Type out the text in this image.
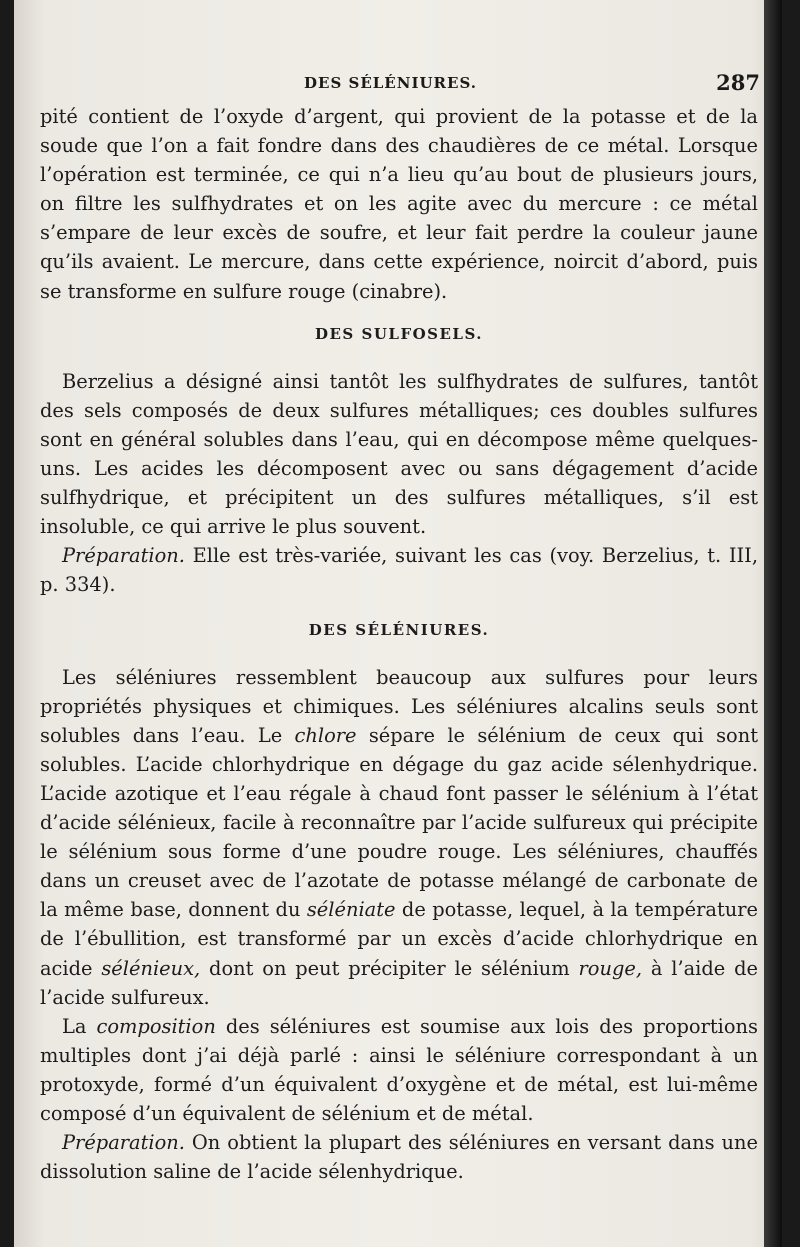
DES SÉLÉNIURES.	287

pité contient de l’oxyde d’argent, qui provient de la potasse et de la soude que l’on a fait fondre dans des chaudières de ce métal. Lorsque l’opération est terminée, ce qui n’a lieu qu’au bout de plusieurs jours, on filtre les sulfhydrates et on les agite avec du mercure : ce métal s’empare de leur excès de soufre, et leur fait perdre la couleur jaune qu’ils avaient. Le mercure, dans cette expérience, noircit d’abord, puis se transforme en sulfure rouge (cinabre).

DES SULFOSELS.

Berzelius a désigné ainsi tantôt les sulfhydrates de sulfures, tantôt des sels composés de deux sulfures métalliques; ces doubles sulfures sont en général solubles dans l’eau, qui en décompose même quelques-uns. Les acides les décomposent avec ou sans dégagement d’acide sulfhydrique, et précipitent un des sulfures métalliques, s’il est insoluble, ce qui arrive le plus souvent.

Préparation. Elle est très-variée, suivant les cas (voy. Berzelius, t. III, p. 334).

DES SÉLÉNIURES.

Les séléniures ressemblent beaucoup aux sulfures pour leurs propriétés physiques et chimiques. Les séléniures alcalins seuls sont solubles dans l’eau. Le chlore sépare le sélénium de ceux qui sont solubles. L’acide chlorhydrique en dégage du gaz acide sélenhydrique. L’acide azotique et l’eau régale à chaud font passer le sélénium à l’état d’acide sélénieux, facile à reconnaître par l’acide sulfureux qui précipite le sélénium sous forme d’une poudre rouge. Les séléniures, chauffés dans un creuset avec de l’azotate de potasse mélangé de carbonate de la même base, donnent du séléniate de potasse, lequel, à la température de l’ébullition, est transformé par un excès d’acide chlorhydrique en acide sélénieux, dont on peut précipiter le sélénium rouge, à l’aide de l’acide sulfureux.

La composition des séléniures est soumise aux lois des proportions multiples dont j’ai déjà parlé : ainsi le séléniure correspondant à un protoxyde, formé d’un équivalent d’oxygène et de métal, est lui-même composé d’un équivalent de sélénium et de métal.

Préparation. On obtient la plupart des séléniures en versant dans une dissolution saline de l’acide sélenhydrique.
